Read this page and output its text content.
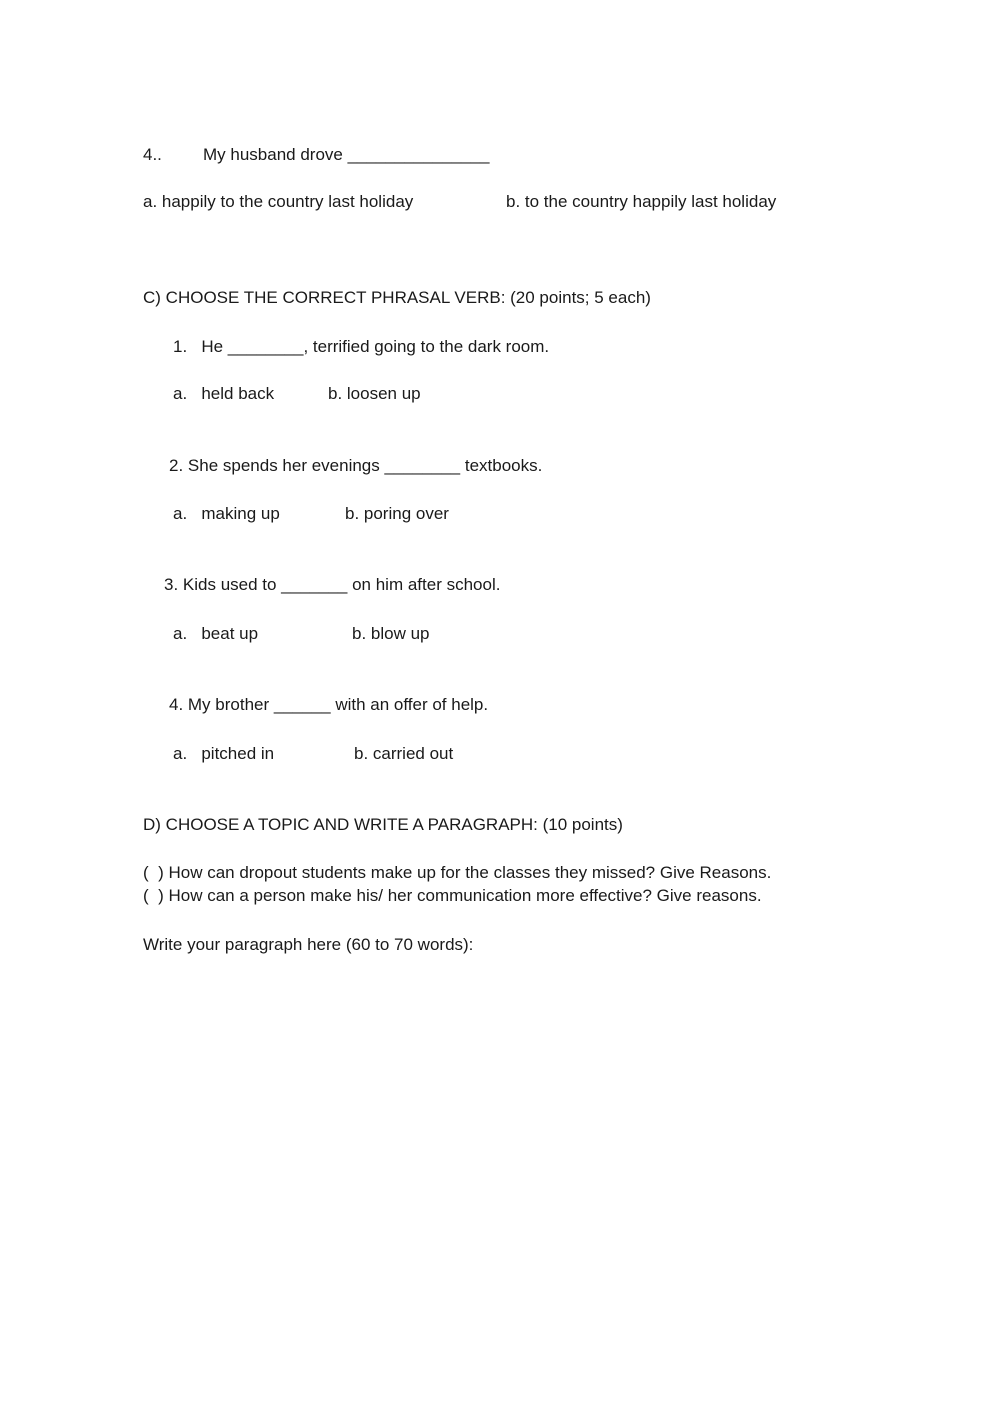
4.. My husband drove _______________
a. happily to the country last holiday	b. to the country happily last holiday
C) CHOOSE THE CORRECT PHRASAL VERB: (20 points; 5 each)
1.   He ________, terrified going to the dark room.
a.   held back	b. loosen up
2. She spends her evenings ________ textbooks.
a.   making up	b. poring over
3. Kids used to _______ on him after school.
a.   beat up	b. blow up
4. My brother ______ with an offer of help.
a.   pitched in	b. carried out
D) CHOOSE A TOPIC AND WRITE A PARAGRAPH: (10 points)
(  ) How can dropout students make up for the classes they missed? Give Reasons.
(  ) How can a person make his/ her communication more effective? Give reasons.
Write your paragraph here (60 to 70 words):
